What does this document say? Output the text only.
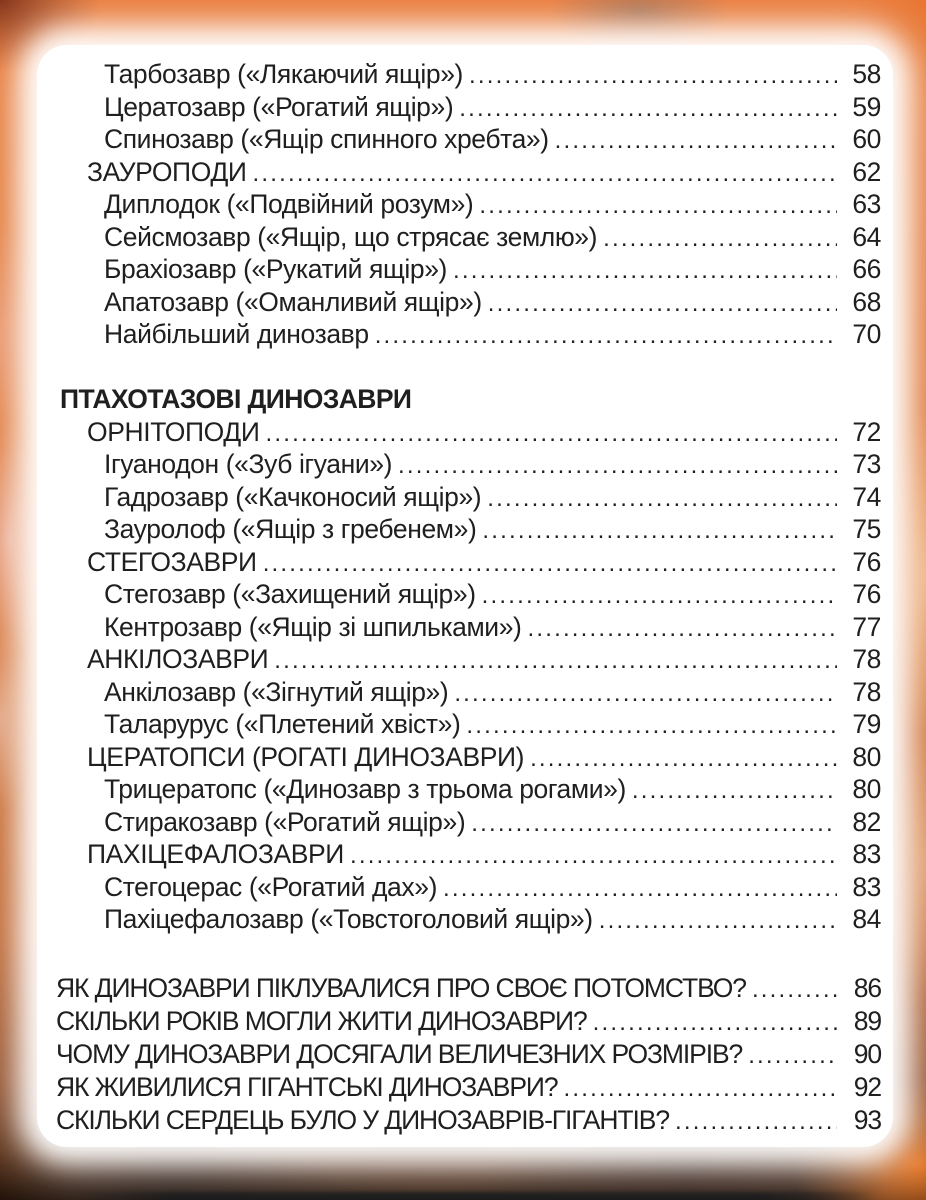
Тарбозавр («Лякаючий ящір») .....	58
Цератозавр («Рогатий ящір») .....	59
Спинозавр («Ящір спинного хребта») .....	60
ЗАУРОПОДИ .....	62
Диплодок («Подвійний розум») .....	63
Сейсмозавр («Ящір, що стрясає землю») .....	64
Брахіозавр («Рукатий ящір») .....	66
Апатозавр («Оманливий ящір») .....	68
Найбільший динозавр .....	70
ПТАХОТАЗОВІ ДИНОЗАВРИ
ОРНІТОПОДИ .....	72
Ігуанодон («Зуб ігуани») .....	73
Гадрозавр («Качконосий ящір») .....	74
Зауролоф («Ящір з гребенем») .....	75
СТЕГОЗАВРИ .....	76
Стегозавр («Захищений ящір») .....	76
Кентрозавр («Ящір зі шпильками») .....	77
АНКІЛОЗАВРИ .....	78
Анкілозавр («Зігнутий ящір») .....	78
Таларурус («Плетений хвіст») .....	79
ЦЕРАТОПСИ (РОГАТІ ДИНОЗАВРИ) .....	80
Трицератопс («Динозавр з трьома рогами») .....	80
Стиракозавр («Рогатий ящір») .....	82
ПАХІЦЕФАЛОЗАВРИ .....	83
Стегоцерас («Рогатий дах») .....	83
Пахіцефалозавр («Товстоголовий ящір») .....	84
ЯК ДИНОЗАВРИ ПІКЛУВАЛИСЯ ПРО СВОЄ ПОТОМСТВО? .....	86
СКІЛЬКИ РОКІВ МОГЛИ ЖИТИ ДИНОЗАВРИ? .....	89
ЧОМУ ДИНОЗАВРИ ДОСЯГАЛИ ВЕЛИЧЕЗНИХ РОЗМІРІВ? .....	90
ЯК ЖИВИЛИСЯ ГІГАНТСЬКІ ДИНОЗАВРИ? .....	92
СКІЛЬКИ СЕРДЕЦЬ БУЛО У ДИНОЗАВРІВ-ГІГАНТІВ? .....	93
